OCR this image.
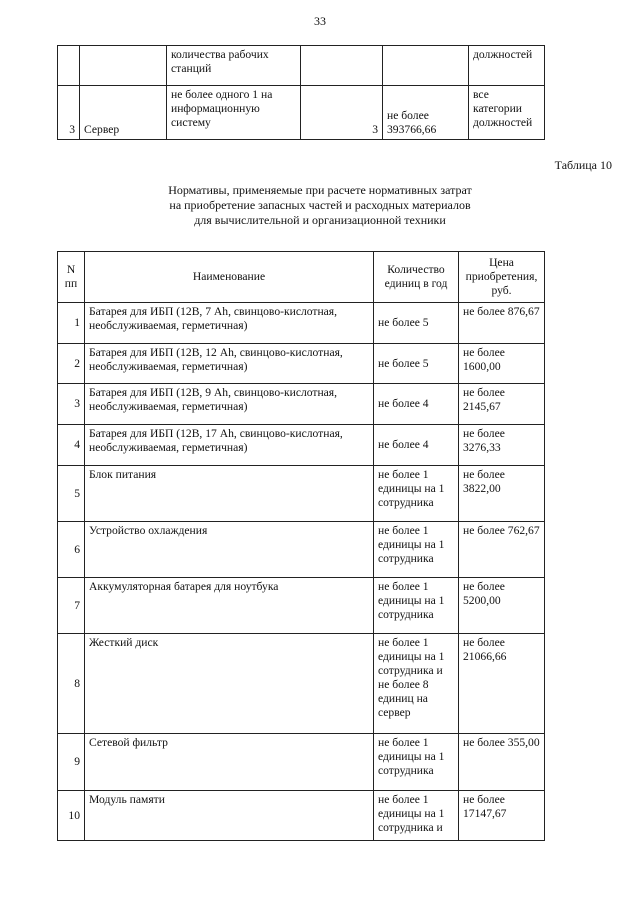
33
		количества рабочих станций			должностей
3	Сервер	не более одного 1 на информационную систему	3	не более 393766,66	все категории должностей
Таблица 10
Нормативы, применяемые при расчете нормативных затрат
на приобретение запасных частей и расходных материалов
для вычислительной и организационной техники
N пп	Наименование	Количество единиц в год	Цена приобретения, руб.
1	Батарея для ИБП (12В, 7 Ah, свинцово-кислотная, необслуживаемая, герметичная)	не более 5	не более 876,67
2	Батарея для ИБП (12В, 12 Ah, свинцово-кислотная, необслуживаемая, герметичная)	не более 5	не более 1600,00
3	Батарея для ИБП (12В, 9 Ah, свинцово-кислотная, необслуживаемая, герметичная)	не более 4	не более 2145,67
4	Батарея для ИБП (12В, 17 Ah, свинцово-кислотная, необслуживаемая, герметичная)	не более 4	не более 3276,33
5	Блок питания	не более 1 единицы на 1 сотрудника	не более 3822,00
6	Устройство охлаждения	не более 1 единицы на 1 сотрудника	не более 762,67
7	Аккумуляторная батарея для ноутбука	не более 1 единицы на 1 сотрудника	не более 5200,00
8	Жесткий диск	не более 1 единицы на 1 сотрудника и не более 8 единиц на сервер	не более 21066,66
9	Сетевой фильтр	не более 1 единицы на 1 сотрудника	не более 355,00
10	Модуль памяти	не более 1 единицы на 1 сотрудника и	не более 17147,67
